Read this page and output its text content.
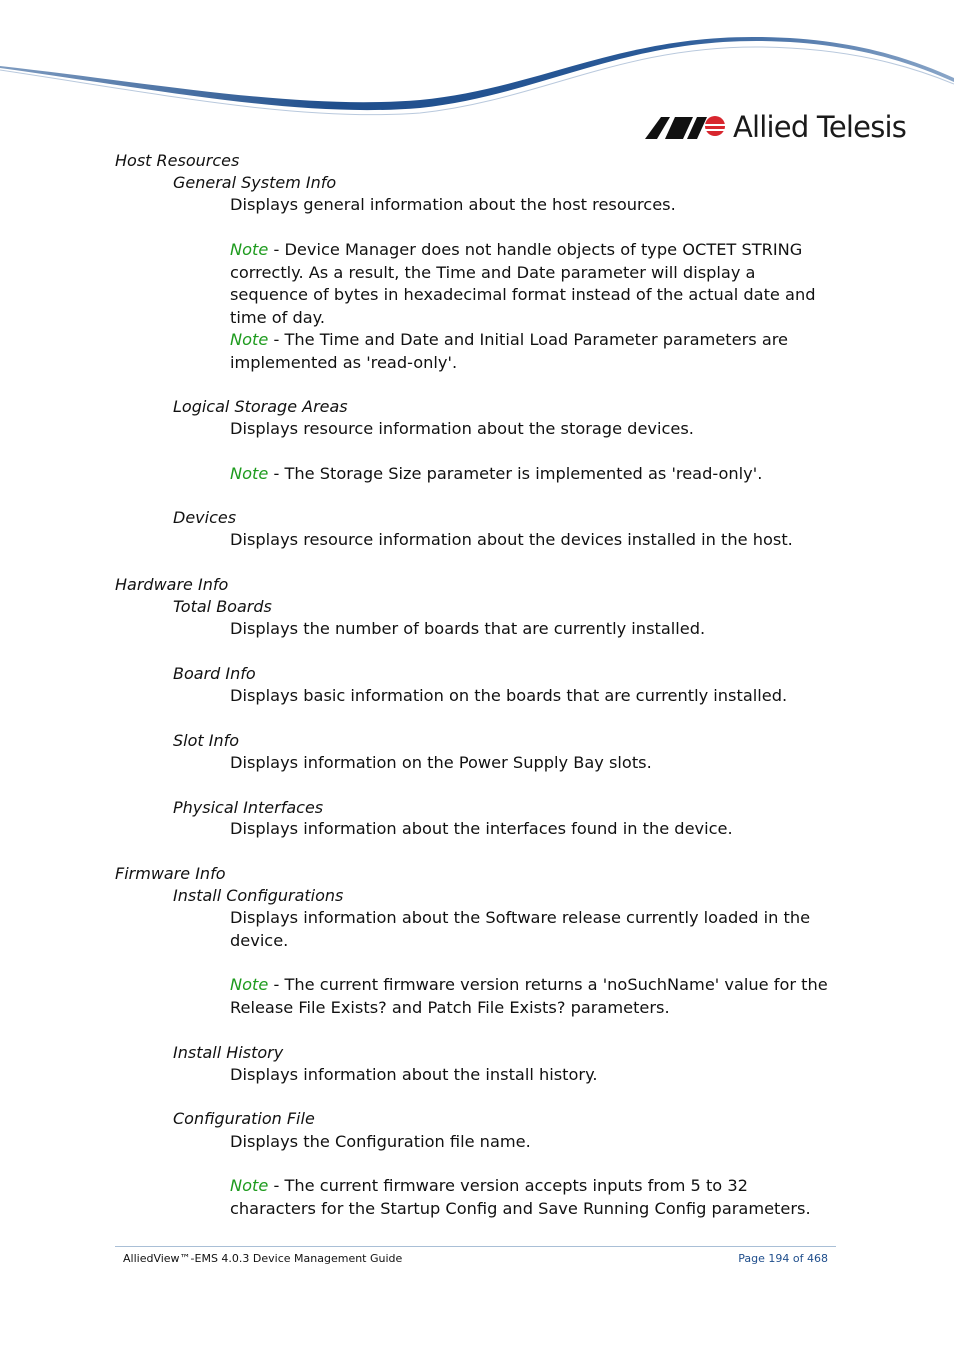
Allied Telesis
Host Resources
General System Info
Displays general information about the host resources.
Note - Device Manager does not handle objects of type OCTET STRING correctly. As a result, the Time and Date parameter will display a sequence of bytes in hexadecimal format instead of the actual date and time of day.
Note - The Time and Date and Initial Load Parameter parameters are implemented as 'read-only'.
Logical Storage Areas
Displays resource information about the storage devices.
Note - The Storage Size parameter is implemented as 'read-only'.
Devices
Displays resource information about the devices installed in the host.
Hardware Info
Total Boards
Displays the number of boards that are currently installed.
Board Info
Displays basic information on the boards that are currently installed.
Slot Info
Displays information on the Power Supply Bay slots.
Physical Interfaces
Displays information about the interfaces found in the device.
Firmware Info
Install Configurations
Displays information about the Software release currently loaded in the device.
Note - The current firmware version returns a 'noSuchName' value for the Release File Exists? and Patch File Exists? parameters.
Install History
Displays information about the install history.
Configuration File
Displays the Configuration file name.
Note - The current firmware version accepts inputs from 5 to 32 characters for the Startup Config and Save Running Config parameters.
AlliedView™-EMS 4.0.3 Device Management Guide	Page 194 of 468
